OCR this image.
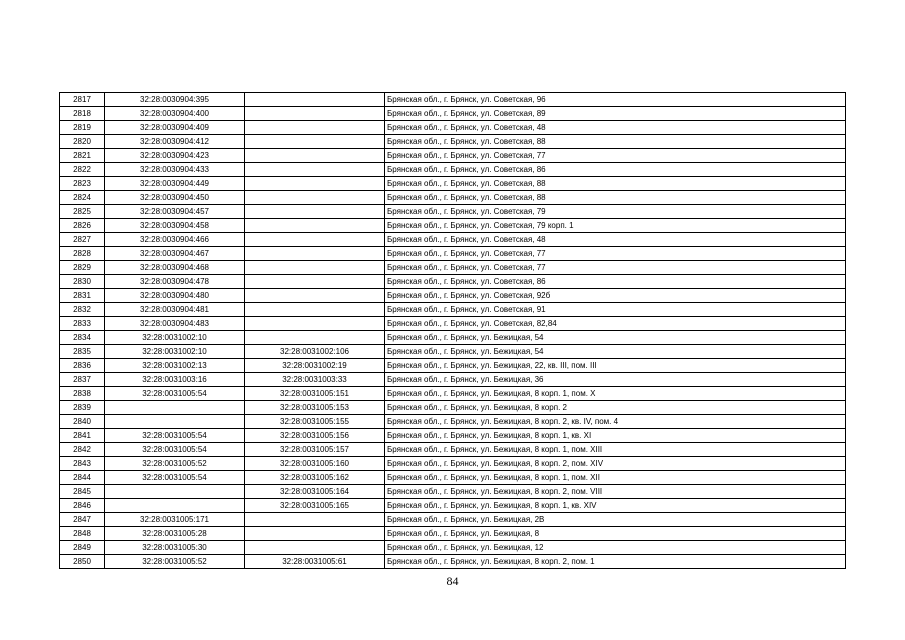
2817	32:28:0030904:395		Брянская обл., г. Брянск, ул. Советская, 96
2818	32:28:0030904:400		Брянская обл., г. Брянск, ул. Советская, 89
2819	32:28:0030904:409		Брянская обл., г. Брянск, ул. Советская, 48
2820	32:28:0030904:412		Брянская обл., г. Брянск, ул. Советская, 88
2821	32:28:0030904:423		Брянская обл., г. Брянск, ул. Советская, 77
2822	32:28:0030904:433		Брянская обл., г. Брянск, ул. Советская, 86
2823	32:28:0030904:449		Брянская обл., г. Брянск, ул. Советская, 88
2824	32:28:0030904:450		Брянская обл., г. Брянск, ул. Советская, 88
2825	32:28:0030904:457		Брянская обл., г. Брянск, ул. Советская, 79
2826	32:28:0030904:458		Брянская обл., г. Брянск, ул. Советская, 79 корп. 1
2827	32:28:0030904:466		Брянская обл., г. Брянск, ул. Советская, 48
2828	32:28:0030904:467		Брянская обл., г. Брянск, ул. Советская, 77
2829	32:28:0030904:468		Брянская обл., г. Брянск, ул. Советская, 77
2830	32:28:0030904:478		Брянская обл., г. Брянск, ул. Советская, 86
2831	32:28:0030904:480		Брянская обл., г. Брянск, ул. Советская, 92б
2832	32:28:0030904:481		Брянская обл., г. Брянск, ул. Советская, 91
2833	32:28:0030904:483		Брянская обл., г. Брянск, ул. Советская, 82,84
2834	32:28:0031002:10		Брянская обл., г. Брянск, ул. Бежицкая, 54
2835	32:28:0031002:10	32:28:0031002:106	Брянская обл., г. Брянск, ул. Бежицкая, 54
2836	32:28:0031002:13	32:28:0031002:19	Брянская обл., г. Брянск, ул. Бежицкая, 22, кв. III, пом. III
2837	32:28:0031003:16	32:28:0031003:33	Брянская обл., г. Брянск, ул. Бежицкая, 36
2838	32:28:0031005:54	32:28:0031005:151	Брянская обл., г. Брянск, ул. Бежицкая, 8 корп. 1, пом. X
2839		32:28:0031005:153	Брянская обл., г. Брянск, ул. Бежицкая, 8 корп. 2
2840		32:28:0031005:155	Брянская обл., г. Брянск, ул. Бежицкая, 8 корп. 2, кв. IV, пом. 4
2841	32:28:0031005:54	32:28:0031005:156	Брянская обл., г. Брянск, ул. Бежицкая, 8 корп. 1, кв. XI
2842	32:28:0031005:54	32:28:0031005:157	Брянская обл., г. Брянск, ул. Бежицкая, 8 корп. 1, пом. XIII
2843	32:28:0031005:52	32:28:0031005:160	Брянская обл., г. Брянск, ул. Бежицкая, 8 корп. 2, пом. XIV
2844	32:28:0031005:54	32:28:0031005:162	Брянская обл., г. Брянск, ул. Бежицкая, 8 корп. 1, пом. XII
2845		32:28:0031005:164	Брянская обл., г. Брянск, ул. Бежицкая, 8 корп. 2, пом. VIII
2846		32:28:0031005:165	Брянская обл., г. Брянск, ул. Бежицкая, 8 корп. 1, кв. XIV
2847	32:28:0031005:171		Брянская обл., г. Брянск, ул. Бежицкая, 2В
2848	32:28:0031005:28		Брянская обл., г. Брянск, ул. Бежицкая, 8
2849	32:28:0031005:30		Брянская обл., г. Брянск, ул. Бежицкая, 12
2850	32:28:0031005:52	32:28:0031005:61	Брянская обл., г. Брянск, ул. Бежицкая, 8 корп. 2, пом. 1
84
